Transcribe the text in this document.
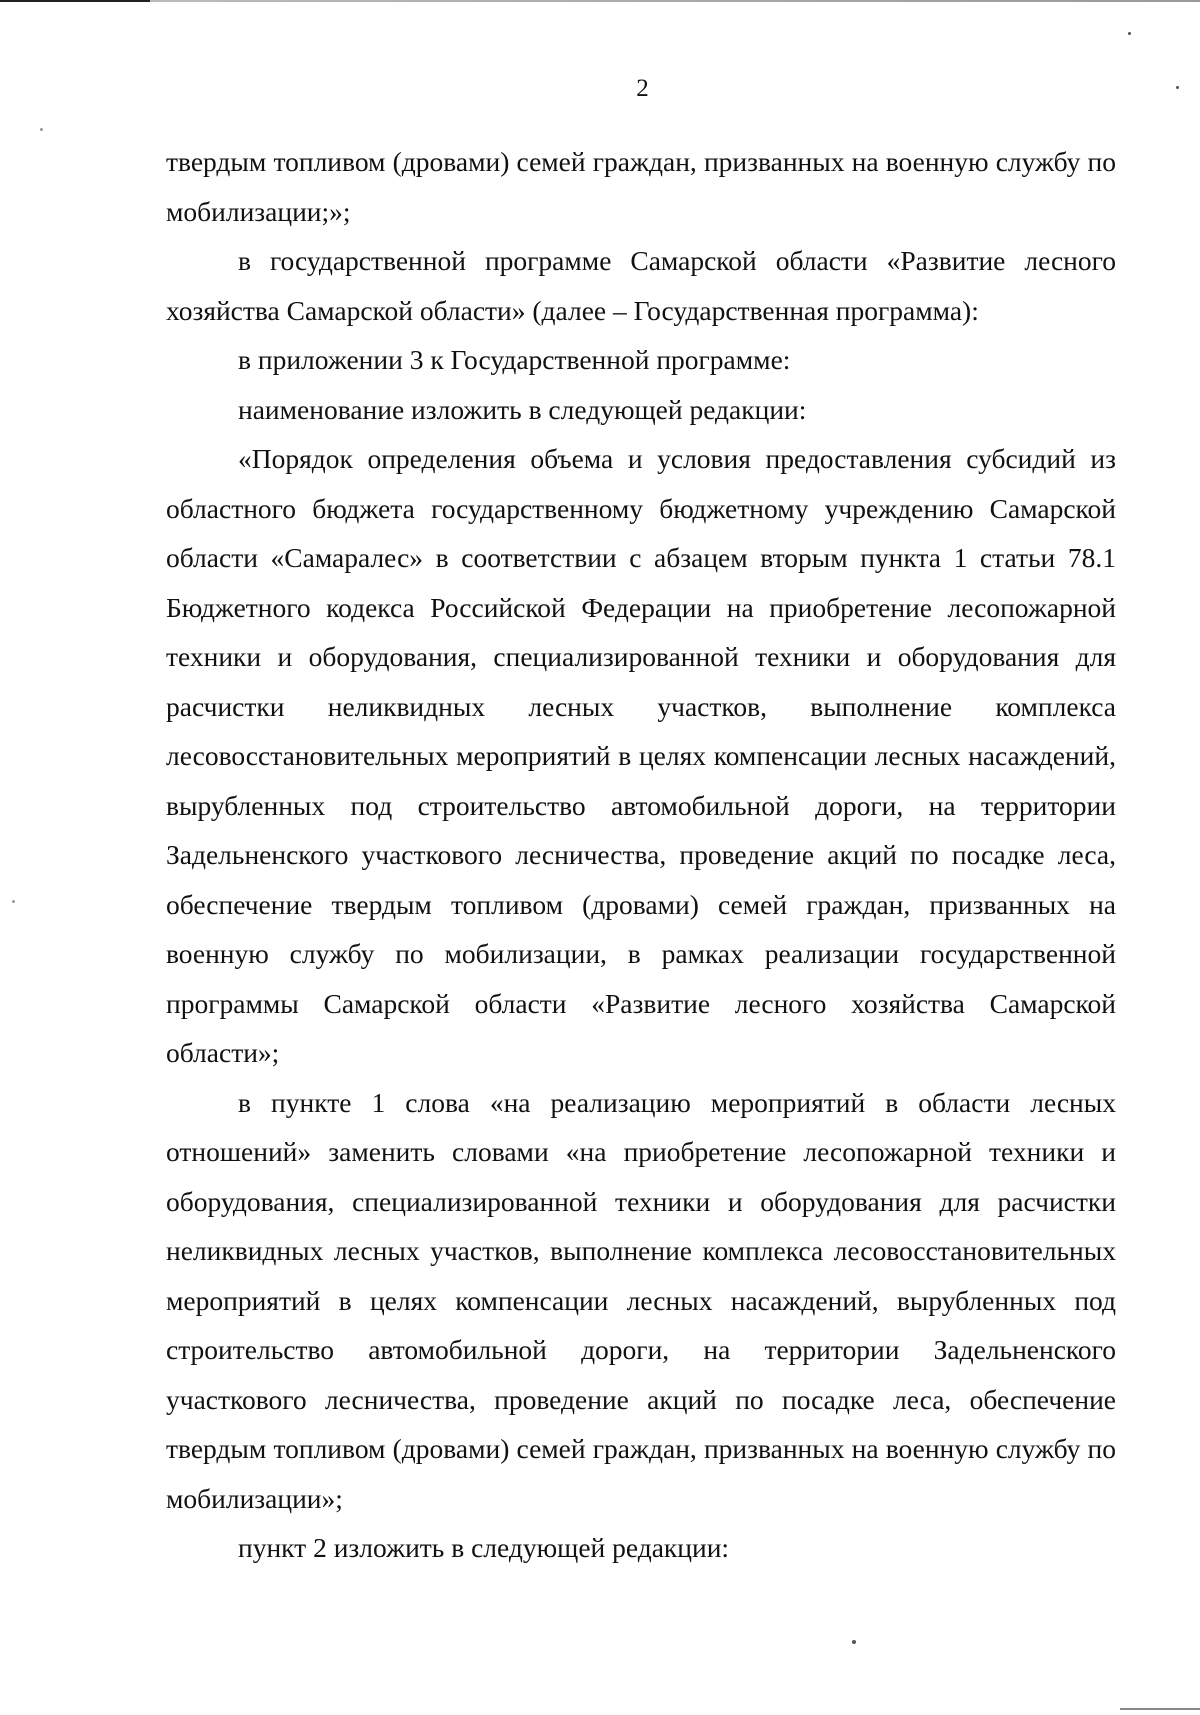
2

твердым топливом (дровами) семей граждан, призванных на военную службу по мобилизации;»;

в государственной программе Самарской области «Развитие лесного хозяйства Самарской области» (далее – Государственная программа):

в приложении 3 к Государственной программе:

наименование изложить в следующей редакции:

«Порядок определения объема и условия предоставления субсидий из областного бюджета государственному бюджетному учреждению Самарской области «Самаралес» в соответствии с абзацем вторым пункта 1 статьи 78.1 Бюджетного кодекса Российской Федерации на приобретение лесопожарной техники и оборудования, специализированной техники и оборудования для расчистки неликвидных лесных участков, выполнение комплекса лесовосстановительных мероприятий в целях компенсации лесных насаждений, вырубленных под строительство автомобильной дороги, на территории Задельненского участкового лесничества, проведение акций по посадке леса, обеспечение твердым топливом (дровами) семей граждан, призванных на военную службу по мобилизации, в рамках реализации государственной программы Самарской области «Развитие лесного хозяйства Самарской области»;

в пункте 1 слова «на реализацию мероприятий в области лесных отношений» заменить словами «на приобретение лесопожарной техники и оборудования, специализированной техники и оборудования для расчистки неликвидных лесных участков, выполнение комплекса лесовосстановительных мероприятий в целях компенсации лесных насаждений, вырубленных под строительство автомобильной дороги, на территории Задельненского участкового лесничества, проведение акций по посадке леса, обеспечение твердым топливом (дровами) семей граждан, призванных на военную службу по мобилизации»;

пункт 2 изложить в следующей редакции:
